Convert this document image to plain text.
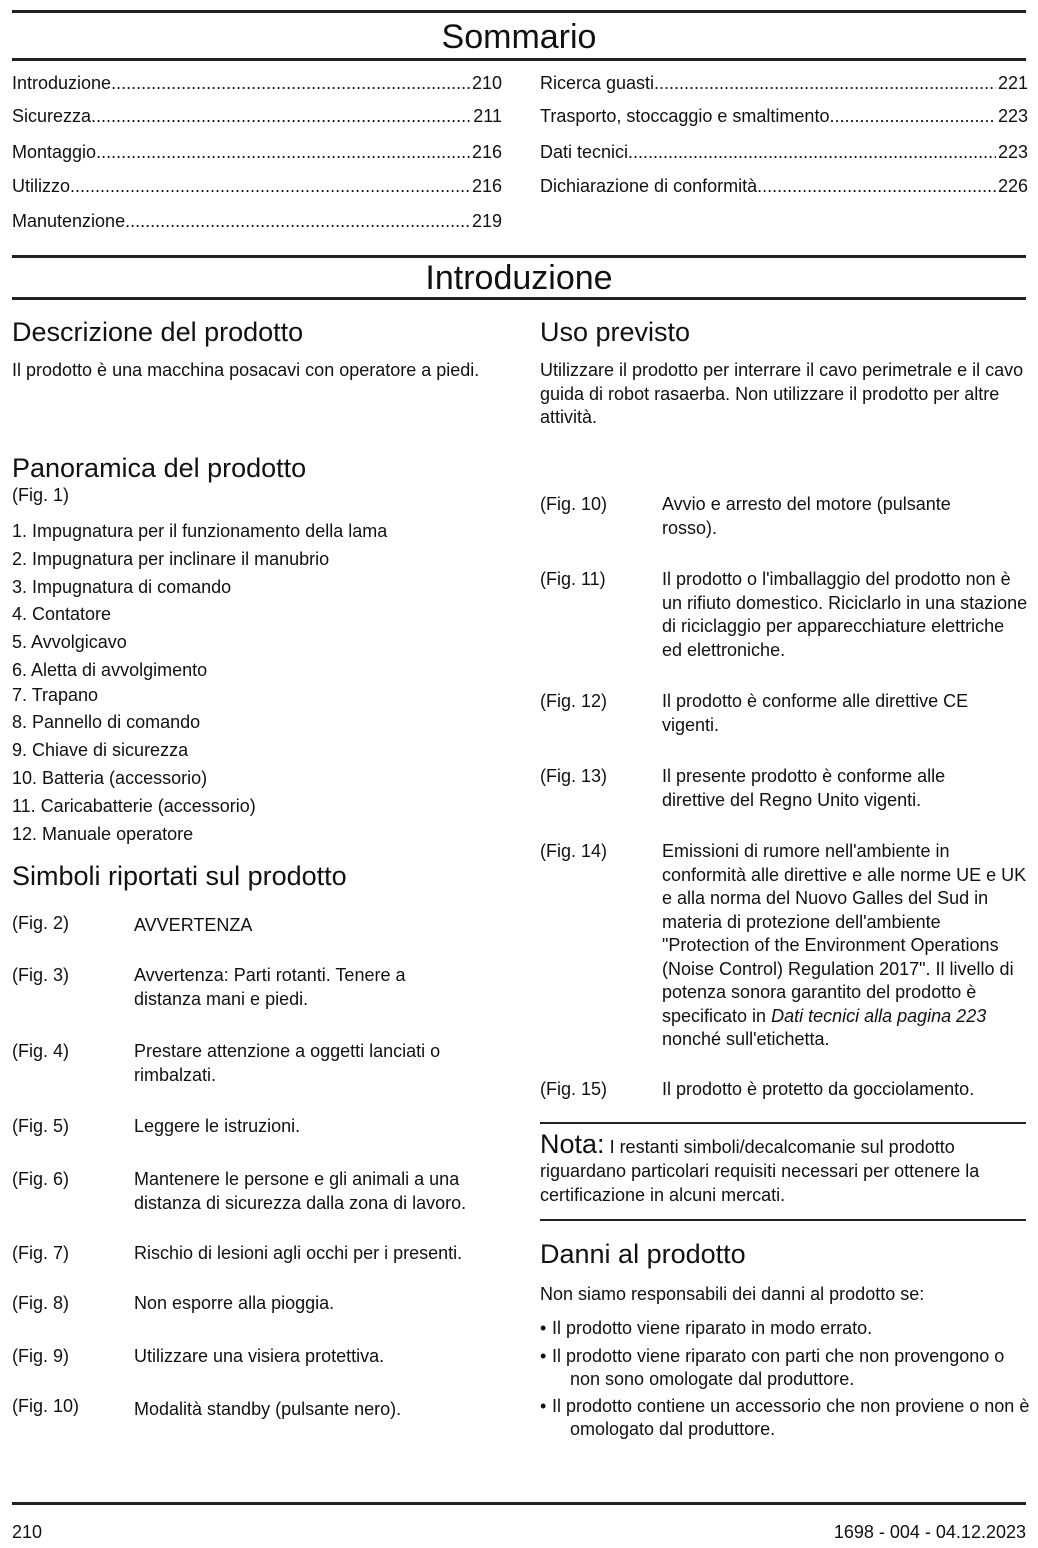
Sommario
Introduzione .....	210
Sicurezza .....	211
Montaggio .....	216
Utilizzo .....	216
Manutenzione .....	219
Ricerca guasti .....	221
Trasporto, stoccaggio e smaltimento .....	223
Dati tecnici .....	223
Dichiarazione di conformità .....	226
Introduzione
Descrizione del prodotto
Il prodotto è una macchina posacavi con operatore a piedi.
Uso previsto
Utilizzare il prodotto per interrare il cavo perimetrale e il cavo guida di robot rasaerba. Non utilizzare il prodotto per altre attività.
Panoramica del prodotto
(Fig. 1)
1. Impugnatura per il funzionamento della lama
2. Impugnatura per inclinare il manubrio
3. Impugnatura di comando
4. Contatore
5. Avvolgicavo
6. Aletta di avvolgimento
7. Trapano
8. Pannello di comando
9. Chiave di sicurezza
10. Batteria (accessorio)
11. Caricabatterie (accessorio)
12. Manuale operatore
Simboli riportati sul prodotto
(Fig. 2)	AVVERTENZA
(Fig. 3)	Avvertenza: Parti rotanti. Tenere a distanza mani e piedi.
(Fig. 4)	Prestare attenzione a oggetti lanciati o rimbalzati.
(Fig. 5)	Leggere le istruzioni.
(Fig. 6)	Mantenere le persone e gli animali a una distanza di sicurezza dalla zona di lavoro.
(Fig. 7)	Rischio di lesioni agli occhi per i presenti.
(Fig. 8)	Non esporre alla pioggia.
(Fig. 9)	Utilizzare una visiera protettiva.
(Fig. 10)	Modalità standby (pulsante nero).
(Fig. 10)	Avvio e arresto del motore (pulsante rosso).
(Fig. 11)	Il prodotto o l'imballaggio del prodotto non è un rifiuto domestico. Riciclarlo in una stazione di riciclaggio per apparecchiature elettriche ed elettroniche.
(Fig. 12)	Il prodotto è conforme alle direttive CE vigenti.
(Fig. 13)	Il presente prodotto è conforme alle direttive del Regno Unito vigenti.
(Fig. 14)	Emissioni di rumore nell'ambiente in conformità alle direttive e alle norme UE e UK e alla norma del Nuovo Galles del Sud in materia di protezione dell'ambiente "Protection of the Environment Operations (Noise Control) Regulation 2017". Il livello di potenza sonora garantito del prodotto è specificato in Dati tecnici alla pagina 223 nonché sull'etichetta.
(Fig. 15)	Il prodotto è protetto da gocciolamento.
Nota: I restanti simboli/decalcomanie sul prodotto riguardano particolari requisiti necessari per ottenere la certificazione in alcuni mercati.
Danni al prodotto
Non siamo responsabili dei danni al prodotto se:
• Il prodotto viene riparato in modo errato.
• Il prodotto viene riparato con parti che non provengono o non sono omologate dal produttore.
• Il prodotto contiene un accessorio che non proviene o non è omologato dal produttore.
210	1698 - 004 - 04.12.2023
